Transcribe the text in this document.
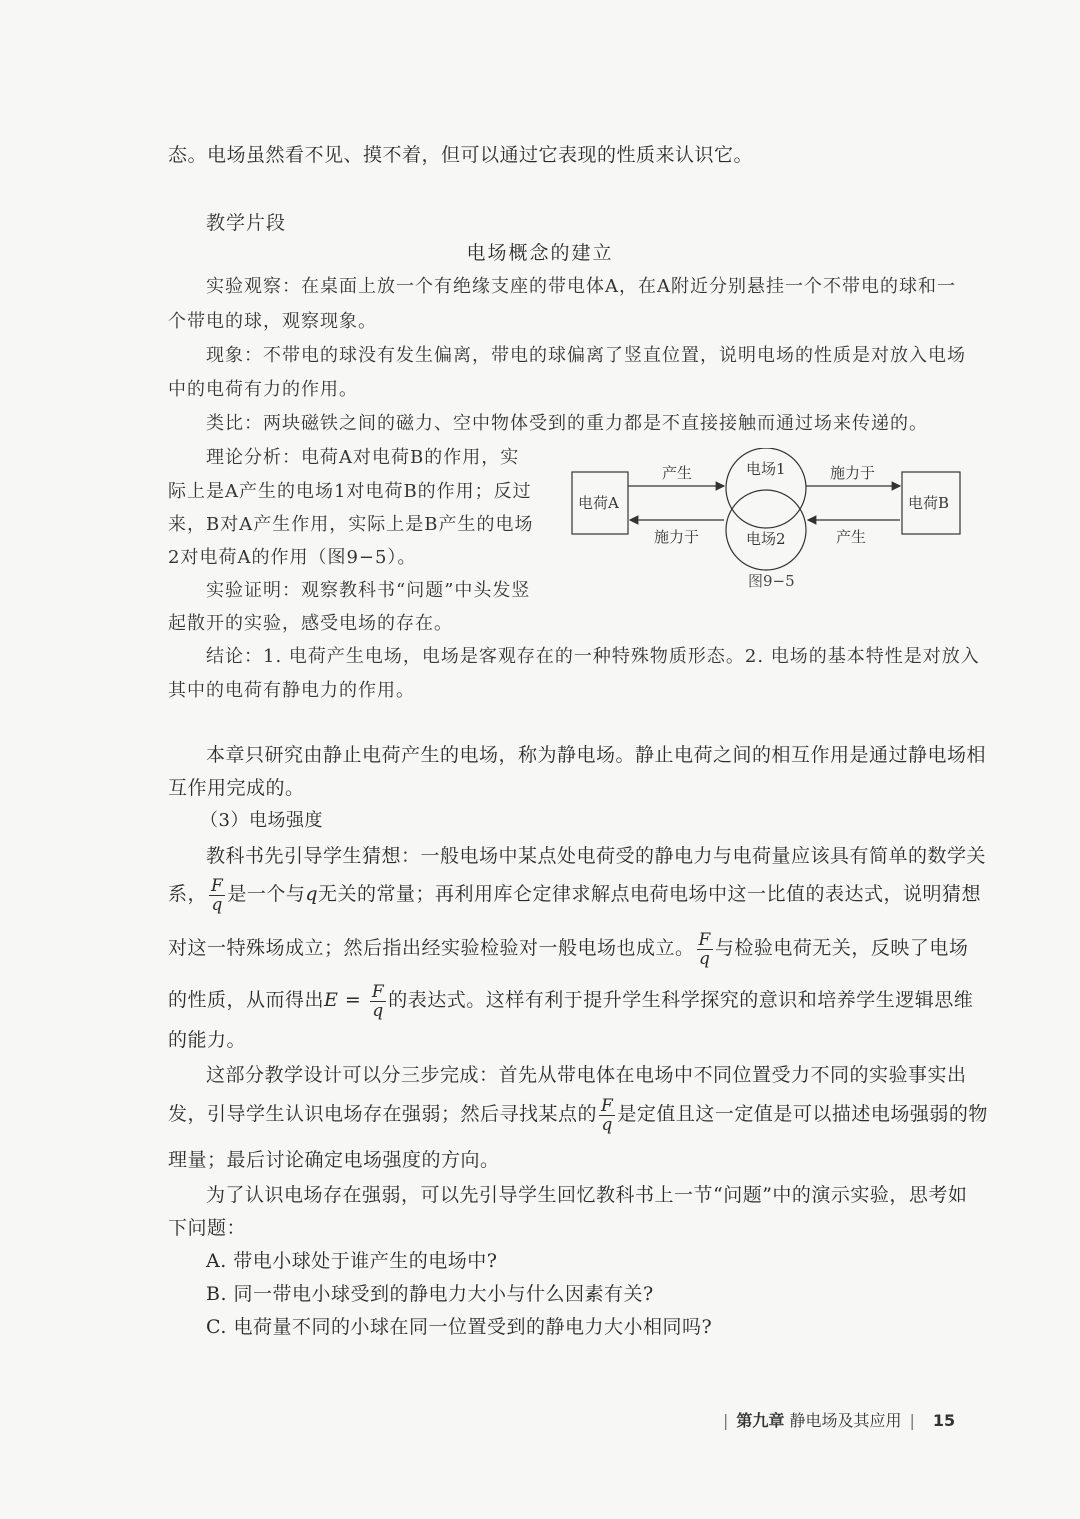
态。电场虽然看不见、摸不着，但可以通过它表现的性质来认识它。
教学片段
电场概念的建立
实验观察：在桌面上放一个有绝缘支座的带电体A，在A附近分别悬挂一个不带电的球和一
个带电的球，观察现象。
现象：不带电的球没有发生偏离，带电的球偏离了竖直位置，说明电场的性质是对放入电场
中的电荷有力的作用。
类比：两块磁铁之间的磁力、空中物体受到的重力都是不直接接触而通过场来传递的。
理论分析：电荷A对电荷B的作用，实
际上是A产生的电场1对电荷B的作用；反过
来，B对A产生作用，实际上是B产生的电场
2对电荷A的作用（图9−5）。
实验证明：观察教科书“问题”中头发竖
起散开的实验，感受电场的存在。
结论：1. 电荷产生电场，电场是客观存在的一种特殊物质形态。2. 电场的基本特性是对放入
其中的电荷有静电力的作用。
电荷A	电荷B
电场1
电场2
产生	施力于
施力于	产生
图9−5
本章只研究由静止电荷产生的电场，称为静电场。静止电荷之间的相互作用是通过静电场相
互作用完成的。
（3）电场强度
教科书先引导学生猜想：一般电场中某点处电荷受的静电力与电荷量应该具有简单的数学关
系， $\frac{F}{q}$ 是一个与q无关的常量；再利用库仑定律求解点电荷电场中这一比值的表达式，说明猜想
对这一特殊场成立；然后指出经实验检验对一般电场也成立。 $\frac{F}{q}$ 与检验电荷无关，反映了电场
的性质，从而得出$E = \frac{F}{q}$ 的表达式。这样有利于提升学生科学探究的意识和培养学生逻辑思维
的能力。
这部分教学设计可以分三步完成：首先从带电体在电场中不同位置受力不同的实验事实出
发，引导学生认识电场存在强弱；然后寻找某点的 $\frac{F}{q}$ 是定值且这一定值是可以描述电场强弱的物
理量；最后讨论确定电场强度的方向。
为了认识电场存在强弱，可以先引导学生回忆教科书上一节“问题”中的演示实验，思考如
下问题：
A. 带电小球处于谁产生的电场中?
B. 同一带电小球受到的静电力大小与什么因素有关?
C. 电荷量不同的小球在同一位置受到的静电力大小相同吗?
| 第九章 静电场及其应用 | 15
